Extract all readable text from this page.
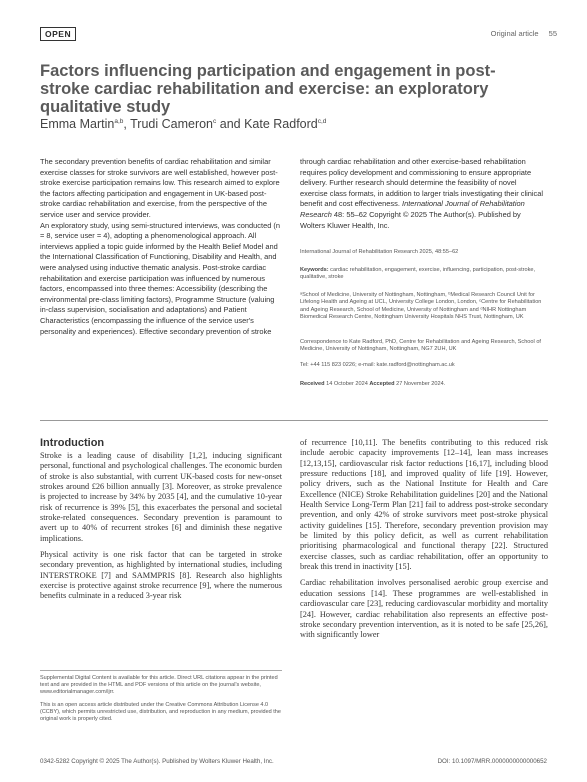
OPEN	Original article 55
Factors influencing participation and engagement in post-stroke cardiac rehabilitation and exercise: an exploratory qualitative study
Emma Martin$^{a,b}$, Trudi Cameron$^c$ and Kate Radford$^{c,d}$
The secondary prevention benefits of cardiac rehabilitation and similar exercise classes for stroke survivors are well established, however post-stroke exercise participation remains low. This research aimed to explore the factors affecting participation and engagement in UK-based post-stroke cardiac rehabilitation and exercise, from the perspective of the service user and service provider.
An exploratory study, using semi-structured interviews, was conducted (n = 8, service user = 4), adopting a phenomenological approach. All interviews applied a topic guide informed by the Health Belief Model and the International Classification of Functioning, Disability and Health, and were analysed using inductive thematic analysis. Post-stroke cardiac rehabilitation and exercise participation was influenced by numerous factors, encompassed into three themes: Accessibility (describing the environmental pre-class limiting factors), Programme Structure (valuing in-class supervision, socialisation and adaptations) and Patient Characteristics (encompassing the influence of the service user's personality and experiences). Effective secondary prevention of stroke
through cardiac rehabilitation and other exercise-based rehabilitation requires policy development and commissioning to ensure appropriate delivery. Further research should determine the feasibility of novel exercise class formats, in addition to larger trials investigating their clinical benefit and cost effectiveness. International Journal of Rehabilitation Research 48: 55–62 Copyright © 2025 The Author(s). Published by Wolters Kluwer Health, Inc.
International Journal of Rehabilitation Research 2025, 48:55–62
Keywords: cardiac rehabilitation, engagement, exercise, influencing, participation, post-stroke, qualitative, stroke
ᵃSchool of Medicine, University of Nottingham, Nottingham, ᵇMedical Research Council Unit for Lifelong Health and Ageing at UCL, University College London, London, ᶜCentre for Rehabilitation and Ageing Research, School of Medicine, University of Nottingham and ᵈNIHR Nottingham Biomedical Research Centre, Nottingham University Hospitals NHS Trust, Nottingham, UK
Correspondence to Kate Radford, PhD, Centre for Rehabilitation and Ageing Research, School of Medicine, University of Nottingham, Nottingham, NG7 2UH, UK
Tel: +44 115 823 0226; e-mail: kate.radford@nottingham.ac.uk
Received 14 October 2024 Accepted 27 November 2024.
Introduction

Stroke is a leading cause of disability [1,2], inducing significant personal, functional and psychological challenges. The economic burden of stroke is also substantial, with current UK-based costs for new-onset strokes around £26 billion annually [3]. Moreover, as stroke prevalence is projected to increase by 34% by 2035 [4], and the cumulative 10-year risk of recurrence is 39% [5], this exacerbates the personal and societal stroke-related consequences. Secondary prevention is paramount to avert up to 40% of recurrent strokes [6] and diminish these negative implications.

Physical activity is one risk factor that can be targeted in stroke secondary prevention, as highlighted by international studies, including INTERSTROKE [7] and SAMMPRIS [8]. Research also highlights exercise is protective against stroke recurrence [9], where the numerous benefits culminate in a reduced 3-year risk

of recurrence [10,11]. The benefits contributing to this reduced risk include aerobic capacity improvements [12–14], lean mass increases [12,13,15], cardiovascular risk factor reductions [16,17], including blood pressure reductions [18], and improved quality of life [19]. However, policy drivers, such as the National Institute for Health and Care Excellence (NICE) Stroke Rehabilitation guidelines [20] and the National Health Service Long-Term Plan [21] fail to address post-stroke secondary prevention, and only 42% of stroke survivors meet post-stroke physical activity guidelines [15]. Therefore, secondary prevention provision may be limited by this policy deficit, as well as current rehabilitation prioritising pharmacological and functional therapy [22]. Structured exercise classes, such as cardiac rehabilitation, offer an opportunity to break this trend in inactivity [15].

Cardiac rehabilitation involves personalised aerobic group exercise and education sessions [14]. These programmes are well-established in cardiovascular care [23], reducing cardiovascular morbidity and mortality [24]. However, cardiac rehabilitation also represents an effective post-stroke secondary prevention intervention, as it is noted to be safe [25,26], with significantly lower

Supplemental Digital Content is available for this article. Direct URL citations appear in the printed text and are provided in the HTML and PDF versions of this article on the journal's website, www.editorialmanager.com/ijrr.
This is an open access article distributed under the Creative Commons Attribution License 4.0 (CCBY), which permits unrestricted use, distribution, and reproduction in any medium, provided the original work is properly cited.
0342-5282 Copyright © 2025 The Author(s). Published by Wolters Kluwer Health, Inc.	DOI: 10.1097/MRR.0000000000000652
